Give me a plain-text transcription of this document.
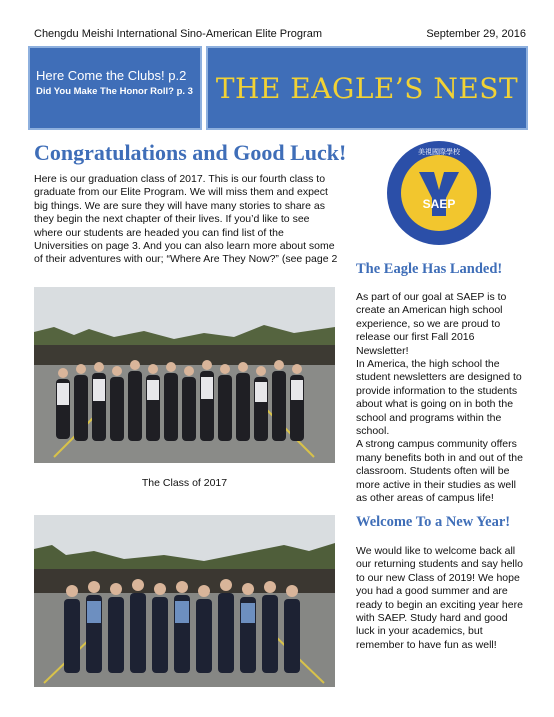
Chengdu Meishi International Sino-American Elite Program	September 29, 2016
Here Come the Clubs! p.2
Did You Make The Honor Roll? p. 3 THE EAGLE’S NEST
Congratulations and Good Luck!
Here is our graduation class of 2017. This is our fourth class to graduate from our Elite Program. We will miss them and expect big things. We are sure they will have many stories to share as they begin the next chapter of their lives. If you’d like to see where our students are headed you can find list of the Universities on page 3. And you can also learn more about some of their adventures with our; “Where Are They Now?” (see page 2
The Class of 2017
美視國際學校
SAEP
The Eagle Has Landed!
As part of our goal at SAEP is to create an American high school experience, so we are proud to release our first Fall 2016 Newsletter!
In America, the high school the student newsletters are designed to provide information to the students about what is going on in both the school and programs within the school.
A strong campus community offers many benefits both in and out of the classroom. Students often will be more active in their studies as well as other areas of campus life!
Welcome To a New Year!
We would like to welcome back all our returning students and say hello to our new Class of 2019! We hope you had a good summer and are ready to begin an exciting year here with SAEP. Study hard and good luck in your academics, but remember to have fun as well!
